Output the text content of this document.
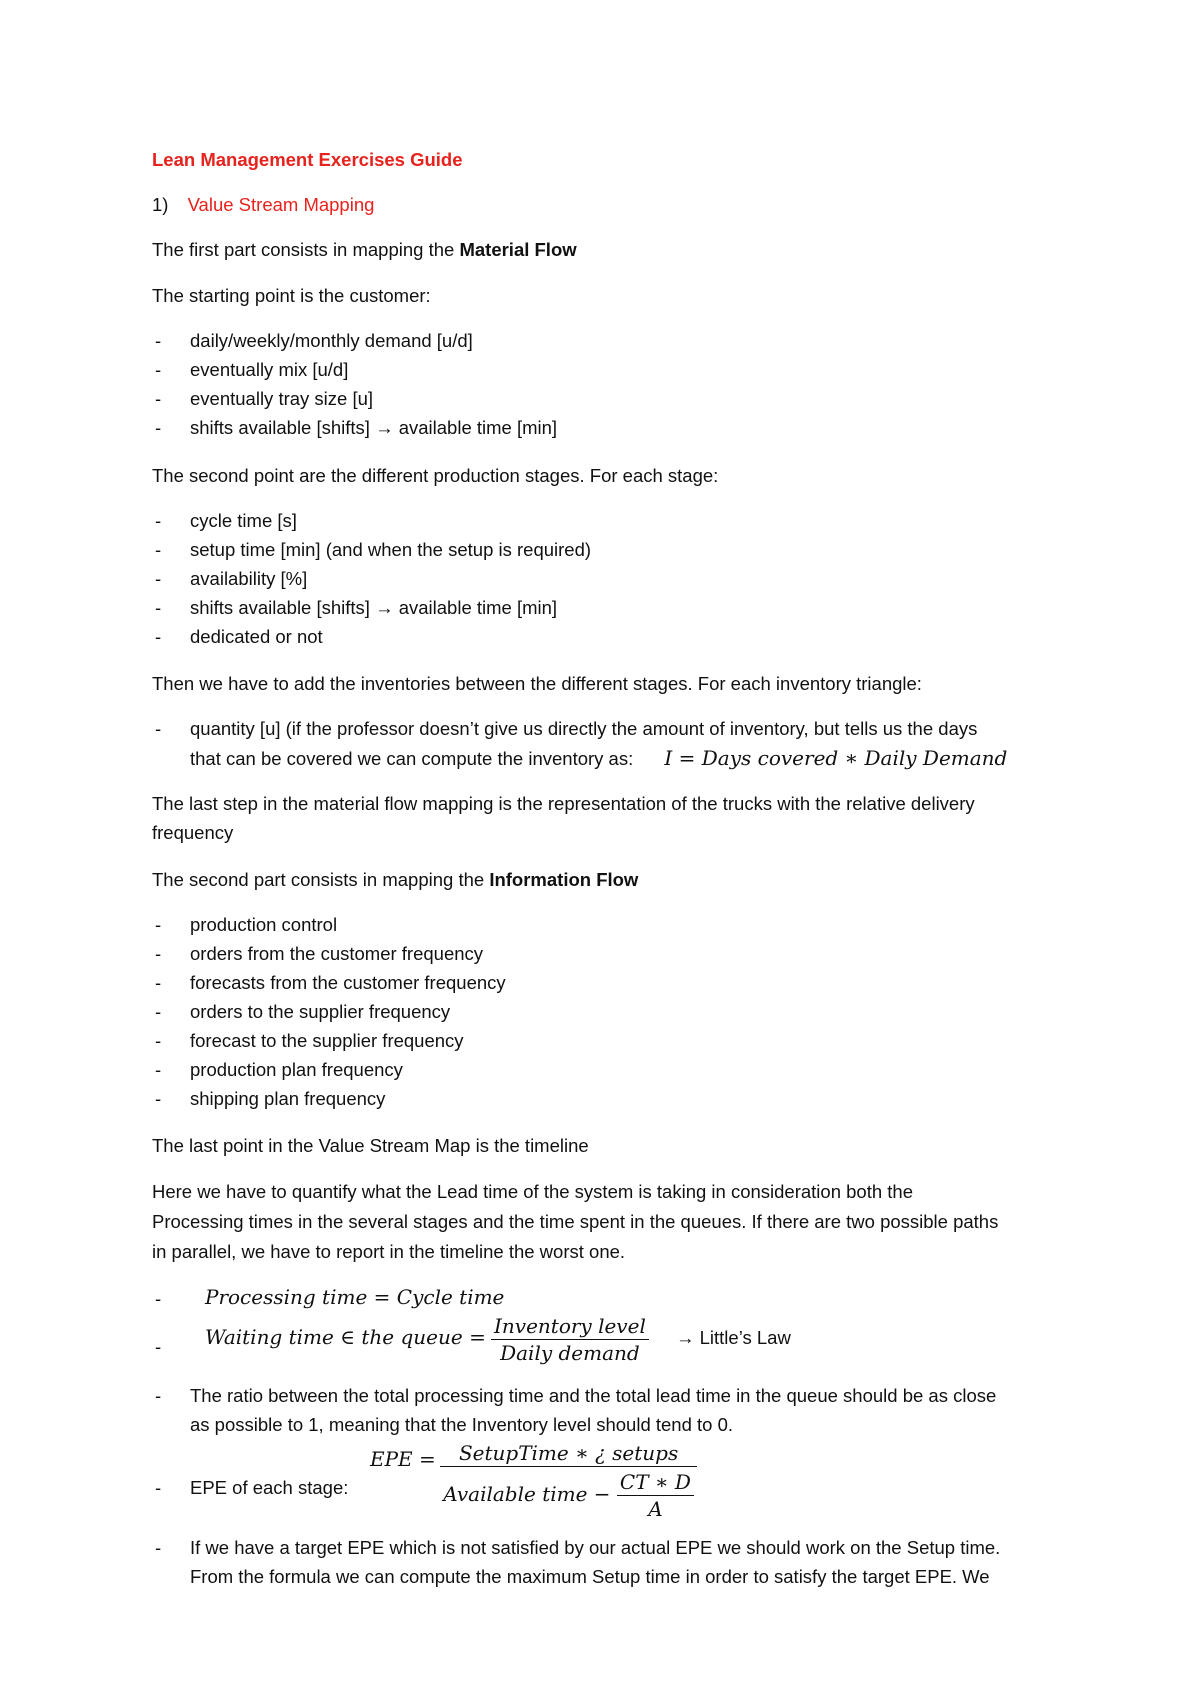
Lean Management Exercises Guide
1) Value Stream Mapping
The first part consists in mapping the Material Flow
The starting point is the customer:
- daily/weekly/monthly demand [u/d]
- eventually mix [u/d]
- eventually tray size [u]
- shifts available [shifts] → available time [min]
The second point are the different production stages. For each stage:
- cycle time [s]
- setup time [min] (and when the setup is required)
- availability [%]
- shifts available [shifts] → available time [min]
- dedicated or not
Then we have to add the inventories between the different stages. For each inventory triangle:
- quantity [u] (if the professor doesn’t give us directly the amount of inventory, but tells us the days
that can be covered we can compute the inventory as: I = Days covered ∗ Daily Demand
The last step in the material flow mapping is the representation of the trucks with the relative delivery
frequency
The second part consists in mapping the Information Flow
- production control
- orders from the customer frequency
- forecasts from the customer frequency
- orders to the supplier frequency
- forecast to the supplier frequency
- production plan frequency
- shipping plan frequency
The last point in the Value Stream Map is the timeline
Here we have to quantify what the Lead time of the system is taking in consideration both the
Processing times in the several stages and the time spent in the queues. If there are two possible paths
in parallel, we have to report in the timeline the worst one.
- Processing time = Cycle time
- Waiting time ∈ the queue = $\frac{\text{Inventory level}}{\text{Daily demand}}$ → Little’s Law
- The ratio between the total processing time and the total lead time in the queue should be as close
as possible to 1, meaning that the Inventory level should tend to 0.
- EPE of each stage:
EPE = $\frac{\text{SetupTime ∗ ¿ setups}}{Available time - \frac{CT ∗ D}{A}}$
- If we have a target EPE which is not satisfied by our actual EPE we should work on the Setup time.
From the formula we can compute the maximum Setup time in order to satisfy the target EPE. We
